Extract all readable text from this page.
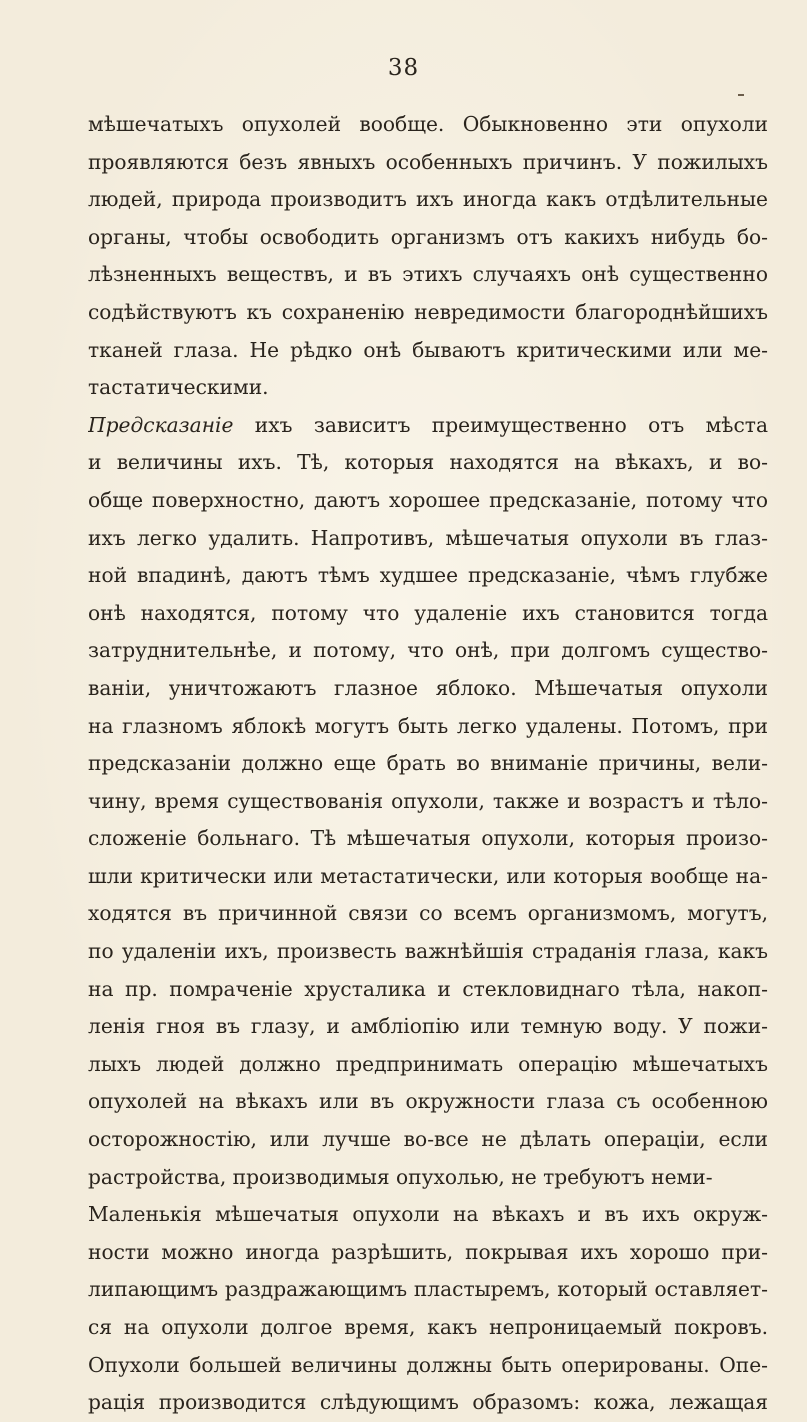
38
мѣшечатыхъ опухолей вообще. Обыкновенно эти опухоли
проявляются безъ явныхъ особенныхъ причинъ. У пожилыхъ
людей, природа производитъ ихъ иногда какъ отдѣлительные
органы, чтобы освободить организмъ отъ какихъ нибудь бо-
лѣзненныхъ веществъ, и въ этихъ случаяхъ онѣ существенно
содѣйствуютъ къ сохраненію невредимости благороднѣйшихъ
тканей глаза. Не рѣдко онѣ бываютъ критическими или ме-
тастатическими.
Предсказаніе ихъ зависитъ преимущественно отъ мѣста
и величины ихъ. Тѣ, которыя находятся на вѣкахъ, и во-
обще поверхностно, даютъ хорошее предсказаніе, потому что
ихъ легко удалить. Напротивъ, мѣшечатыя опухоли въ глаз-
ной впадинѣ, даютъ тѣмъ худшее предсказаніе, чѣмъ глубже
онѣ находятся, потому что удаленіе ихъ становится тогда
затруднительнѣе, и потому, что онѣ, при долгомъ существо-
ваніи, уничтожаютъ глазное яблоко. Мѣшечатыя опухоли
на глазномъ яблокѣ могутъ быть легко удалены. Потомъ, при
предсказаніи должно еще брать во вниманіе причины, вели-
чину, время существованія опухоли, также и возрастъ и тѣло-
сложеніе больнаго. Тѣ мѣшечатыя опухоли, которыя произо-
шли критически или метастатически, или которыя вообще на-
ходятся въ причинной связи со всемъ организмомъ, могутъ,
по удаленіи ихъ, произвесть важнѣйшія страданія глаза, какъ
на пр. помраченіе хрусталика и стекловиднаго тѣла, накоп-
ленія гноя въ глазу, и амбліопію или темную воду. У пожи-
лыхъ людей должно предпринимать операцію мѣшечатыхъ
опухолей на вѣкахъ или въ окружности глаза съ особенною
осторожностію, или лучше во-все не дѣлать операціи, если
растройства, производимыя опухолью, не требуютъ неми-
Маленькія мѣшечатыя опухоли на вѣкахъ и въ ихъ окруж-
ности можно иногда разрѣшить, покрывая ихъ хорошо при-
липающимъ раздражающимъ пластыремъ, который оставляет-
ся на опухоли долгое время, какъ непроницаемый покровъ.
Опухоли большей величины должны быть оперированы. Опе-
рація производится слѣдующимъ образомъ: кожа, лежащая
